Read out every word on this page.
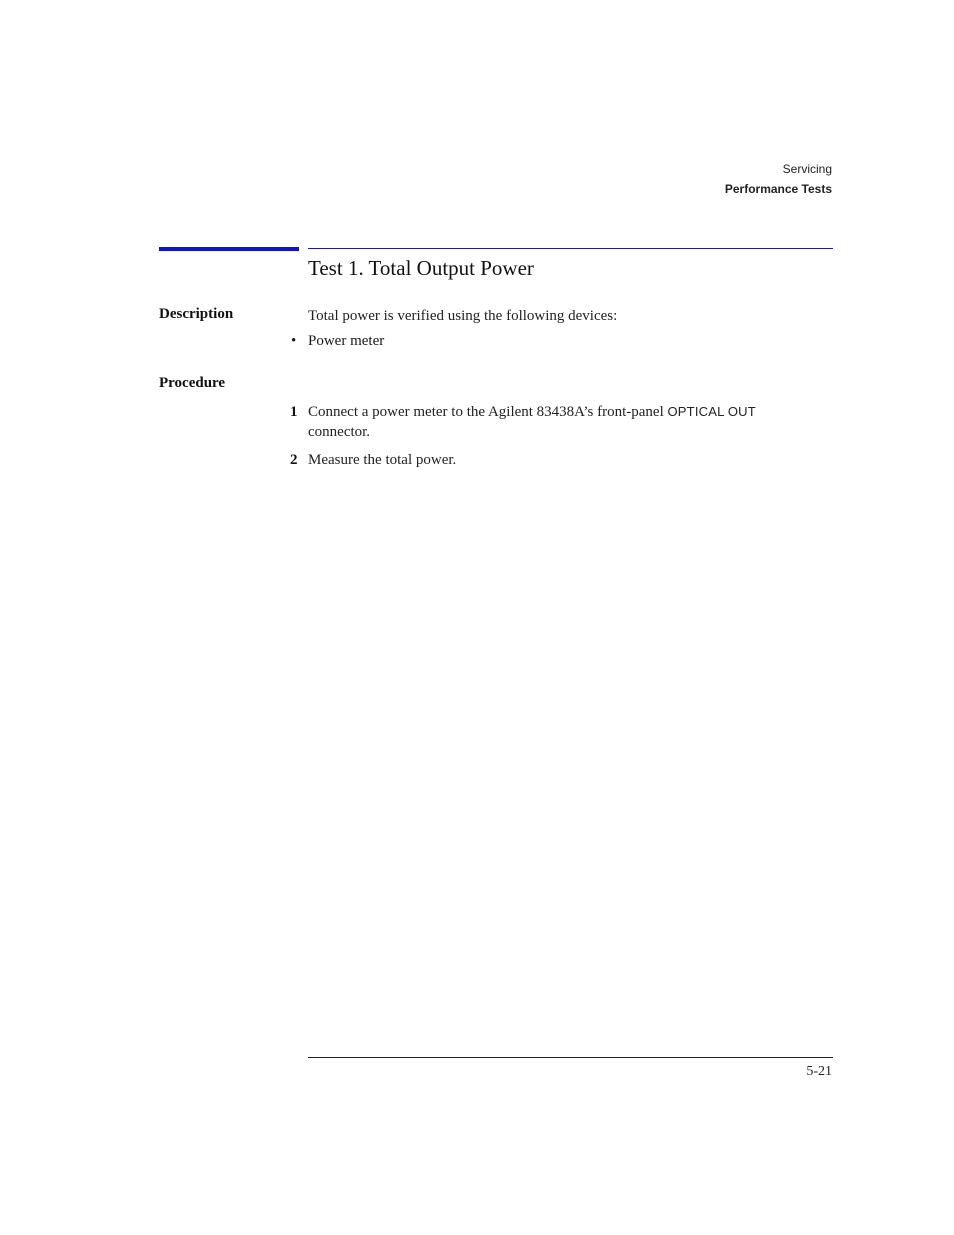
Servicing
Performance Tests
Test 1. Total Output Power
Description	Total power is verified using the following devices:
• Power meter
Procedure
1 Connect a power meter to the Agilent 83438A’s front-panel OPTICAL OUT connector.
2 Measure the total power.
5-21
